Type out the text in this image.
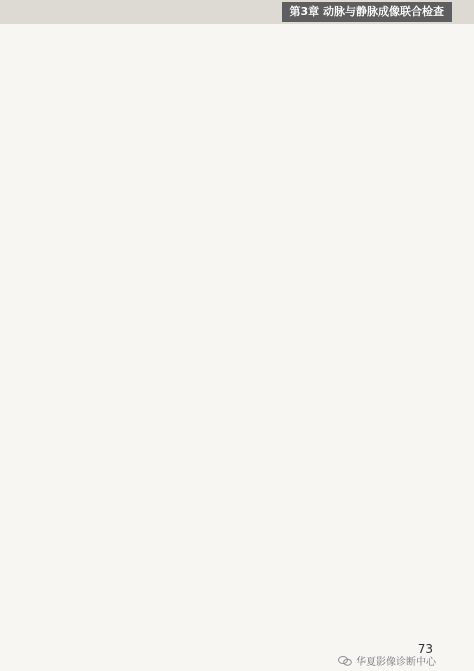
第3章 动脉与静脉成像联合检查

73
华夏影像诊断中心
